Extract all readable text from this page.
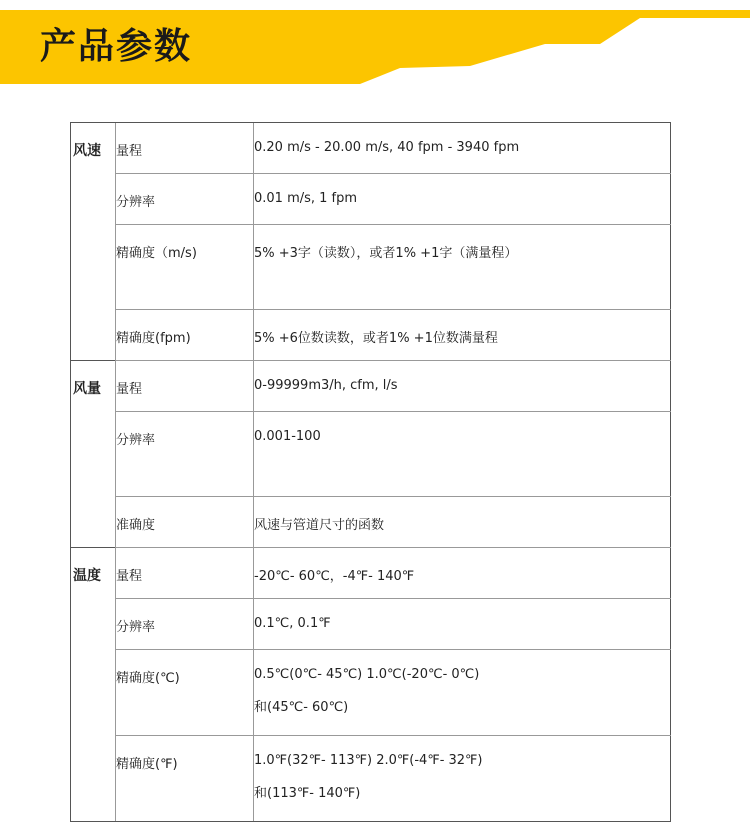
产品参数
风速	量程	0.20 m/s - 20.00 m/s, 40 fpm - 3940 fpm
	分辨率	0.01 m/s, 1 fpm
	精确度（m/s)	5% +3字（读数），或者1% +1字（满量程）
	精确度(fpm)	5% +6位数读数，或者1% +1位数满量程
风量	量程	0-99999m3/h, cfm, l/s
	分辨率	0.001-100
	准确度	风速与管道尺寸的函数
温度	量程	-20℃- 60℃，-4℉- 140℉
	分辨率	0.1℃, 0.1℉
	精确度(℃)	0.5℃(0℃- 45℃) 1.0℃(-20℃- 0℃)
和(45℃- 60℃)

	精确度(℉)	1.0℉(32℉- 113℉) 2.0℉(-4℉- 32℉)
和(113℉- 140℉)
